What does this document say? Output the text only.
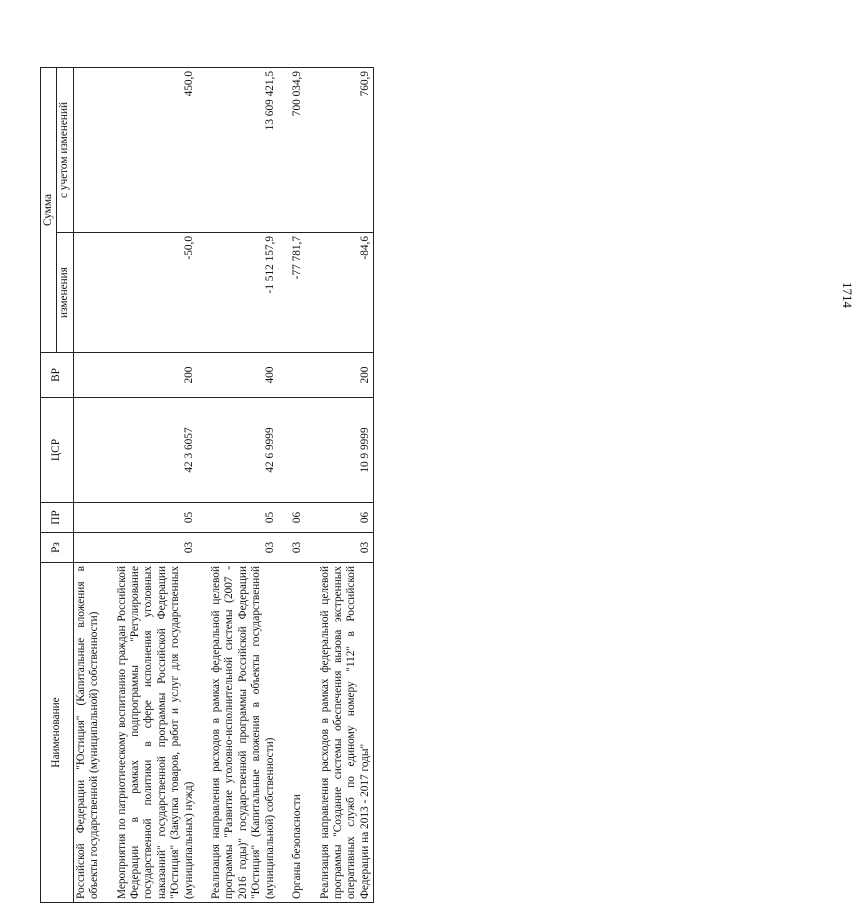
1714
Наименование	Рз	ПР	ЦСР	ВР	Сумма	
					изменения	с учетом изменений
Российской Федерации "Юстиция" (Капитальные вложения в объекты государственной (муниципальной) собственности)						

Мероприятия по патриотическому воспитанию граждан Российской Федерации в рамках подпрограммы "Регулирование государственной политики в сфере исполнения уголовных наказаний" государственной программы Российской Федерации "Юстиция" (Закупка товаров, работ и услуг для государственных (муниципальных) нужд)	03	05	42 3 6057	200	-50,0	450,0

Реализация направления расходов в рамках федеральной целевой программы "Развитие уголовно-исполнительной системы (2007 - 2016 годы)" государственной программы Российской Федерации "Юстиция" (Капитальные вложения в объекты государственной (муниципальной) собственности)	03	05	42 6 9999	400	-1 512 157,9	13 609 421,5

Органы безопасности	03	06			-77 781,7	700 034,9

Реализация направления расходов в рамках федеральной целевой программы "Создание системы обеспечения вызова экстренных оперативных служб по единому номеру "112" в Российской Федерации на 2013 - 2017 годы"	03	06	10 9 9999	200	-84,6	760,9
